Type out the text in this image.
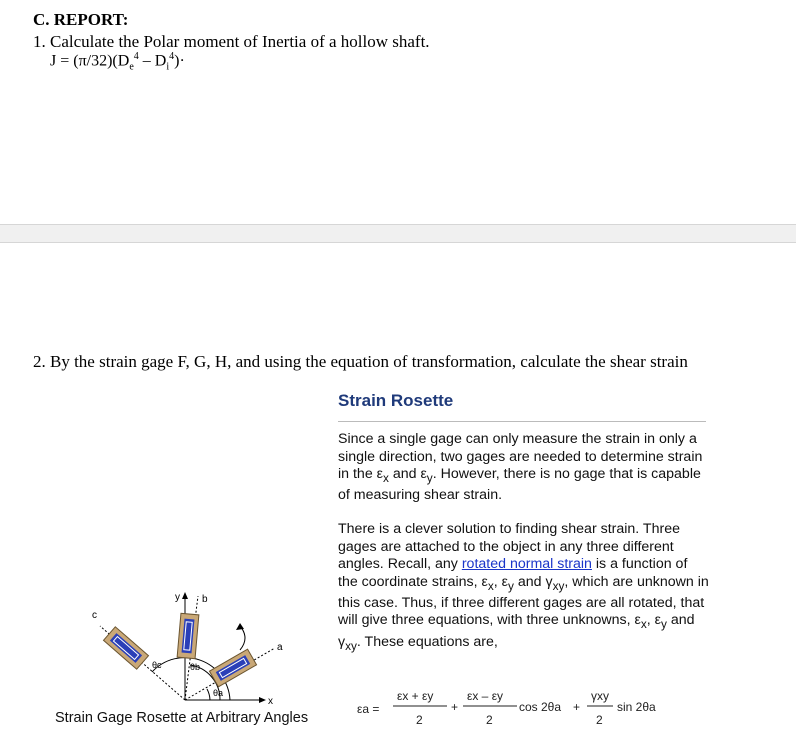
C. REPORT:
1. Calculate the Polar moment of Inertia of a hollow shaft.
$J = (\pi/32)(D_e^4 - D_i^4)\cdot$
2. By the strain gage F, G, H, and using the equation of transformation, calculate the shear strain
Strain Rosette
Since a single gage can only measure the strain in only a single direction, two gages are needed to determine strain in the $\varepsilon_x$ and $\varepsilon_y$. However, there is no gage that is capable of measuring shear strain.
There is a clever solution to finding shear strain. Three gages are attached to the object in any three different angles. Recall, any rotated normal strain is a function of the coordinate strains, $\varepsilon_x$, $\varepsilon_y$ and $\gamma_{xy}$, which are unknown in this case. Thus, if three different gages are all rotated, that will give three equations, with three unknowns, $\varepsilon_x$, $\varepsilon_y$ and $\gamma_{xy}$. These equations are,
y
x
b
a
c
θa
θb
θc
Strain Gage Rosette at Arbitrary Angles
εa =
εx + εy
2
+
εx – εy
2
cos 2θa +
γxy
2
sin 2θa
